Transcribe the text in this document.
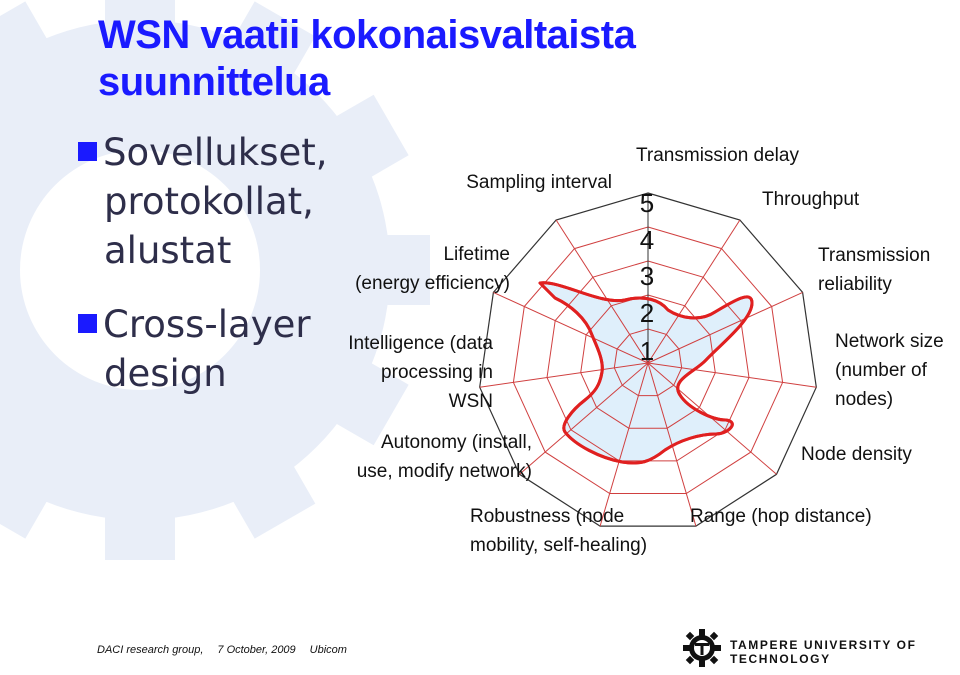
WSN vaatii kokonaisvaltaista
suunnittelua
Sovellukset,
protokollat,
alustat
Cross-layer
design
5
4
3
2
1
Transmission delay
Throughput
Transmission
reliability
Network size
(number of
nodes)
Node density
Range (hop distance)
Robustness (node
mobility, self-healing)
Autonomy (install,
use, modify network)
Intelligence (data
processing in
WSN
Lifetime
(energy efficiency)
Sampling interval
DACI research group, 7 October, 2009 Ubicom	TAMPERE UNIVERSITY OF TECHNOLOGY
